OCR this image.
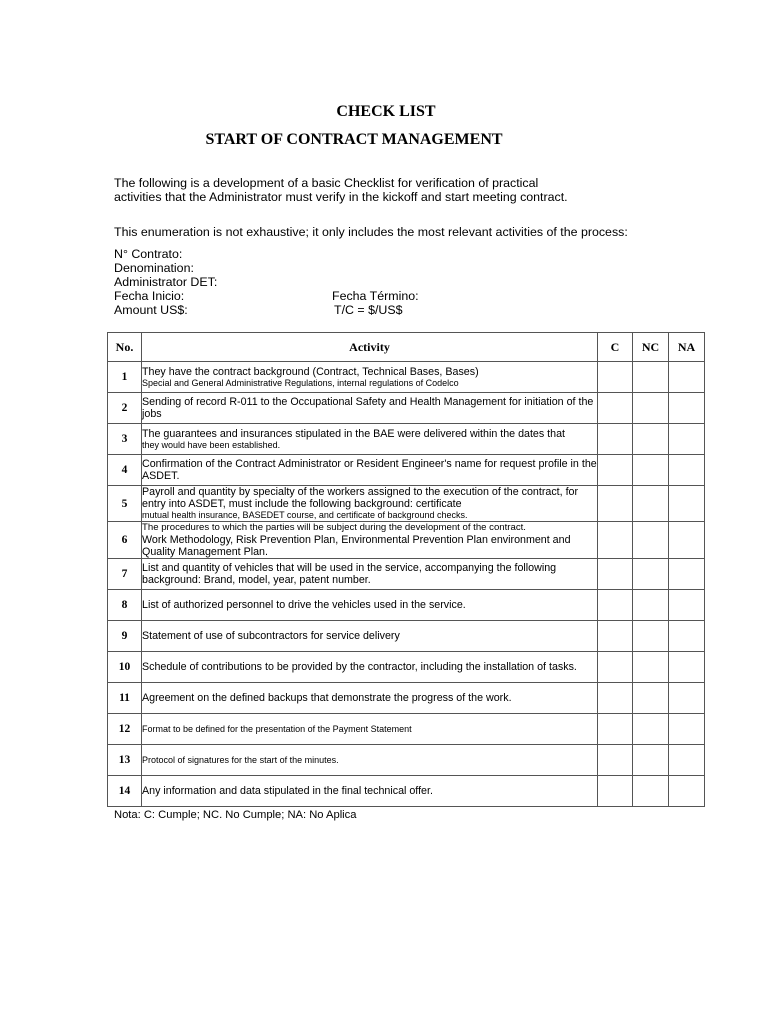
CHECK LIST
START OF CONTRACT MANAGEMENT
The following is a development of a basic Checklist for verification of practical activities that the Administrator must verify in the kickoff and start meeting contract.
This enumeration is not exhaustive; it only includes the most relevant activities of the process:
N° Contrato:
Denomination:
Administrator DET:
Fecha Inicio:	Fecha Término:
Amount US$:	T/C = $/US$
No.	Activity	C	NC	NA
1	They have the contract background (Contract, Technical Bases, Bases)
Special and General Administrative Regulations, internal regulations of Codelco			

2	Sending of record R-011 to the Occupational Safety and Health Management for initiation of the jobs			

3	The guarantees and insurances stipulated in the BAE were delivered within the dates that
they would have been established.			

4	Confirmation of the Contract Administrator or Resident Engineer's name for request profile in the ASDET.			

5	Payroll and quantity by specialty of the workers assigned to the execution of the contract, for entry into ASDET, must include the following background: certificate
mutual health insurance, BASEDET course, and certificate of background checks.			

6	The procedures to which the parties will be subject during the development of the contract.
Work Methodology, Risk Prevention Plan, Environmental Prevention Plan environment and Quality Management Plan.			

7	List and quantity of vehicles that will be used in the service, accompanying the following background: Brand, model, year, patent number.			

8	List of authorized personnel to drive the vehicles used in the service.			

9	Statement of use of subcontractors for service delivery			

10	Schedule of contributions to be provided by the contractor, including the installation of tasks.			

11	Agreement on the defined backups that demonstrate the progress of the work.			

12	Format to be defined for the presentation of the Payment Statement			

13	Protocol of signatures for the start of the minutes.			

14	Any information and data stipulated in the final technical offer.			

Nota: C: Cumple; NC. No Cumple; NA: No Aplica
